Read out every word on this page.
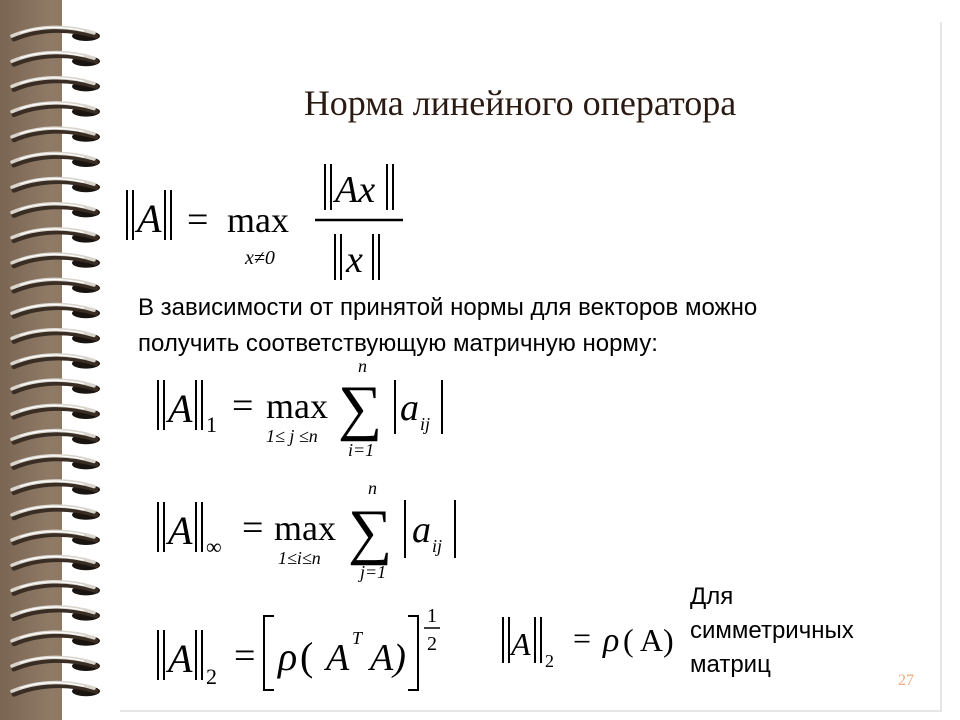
Норма линейного оператора
A = max
x≠0
Ax
x
В зависимости от принятой нормы для векторов можно
получить соответствующую матричную норму:
A 1 = max
1≤ j ≤n
n
∑
i=1
a ij
A ∞ = max
1≤i≤n
n
∑
j=1
a ij
A 2 = ρ ( A T A)
1
2 A 2
= ρ ( A)
Для
симметричных
матриц
27
